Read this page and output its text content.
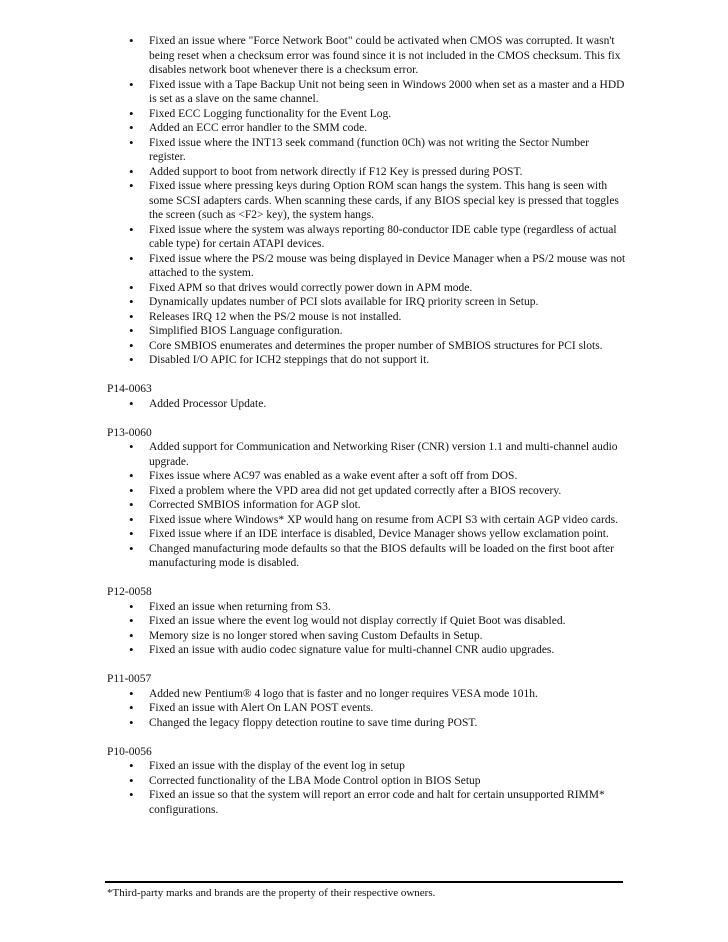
• Fixed an issue where "Force Network Boot" could be activated when CMOS was corrupted. It wasn't being reset when a checksum error was found since it is not included in the CMOS checksum. This fix disables network boot whenever there is a checksum error.
• Fixed issue with a Tape Backup Unit not being seen in Windows 2000 when set as a master and a HDD is set as a slave on the same channel.
• Fixed ECC Logging functionality for the Event Log.
• Added an ECC error handler to the SMM code.
• Fixed issue where the INT13 seek command (function 0Ch) was not writing the Sector Number register.
• Added support to boot from network directly if F12 Key is pressed during POST.
• Fixed issue where pressing keys during Option ROM scan hangs the system. This hang is seen with some SCSI adapters cards. When scanning these cards, if any BIOS special key is pressed that toggles the screen (such as <F2> key), the system hangs.
• Fixed issue where the system was always reporting 80-conductor IDE cable type (regardless of actual cable type) for certain ATAPI devices.
• Fixed issue where the PS/2 mouse was being displayed in Device Manager when a PS/2 mouse was not attached to the system.
• Fixed APM so that drives would correctly power down in APM mode.
• Dynamically updates number of PCI slots available for IRQ priority screen in Setup.
• Releases IRQ 12 when the PS/2 mouse is not installed.
• Simplified BIOS Language configuration.
• Core SMBIOS enumerates and determines the proper number of SMBIOS structures for PCI slots.
• Disabled I/O APIC for ICH2 steppings that do not support it.
P14-0063
• Added Processor Update.
P13-0060
• Added support for Communication and Networking Riser (CNR) version 1.1 and multi-channel audio upgrade.
• Fixes issue where AC97 was enabled as a wake event after a soft off from DOS.
• Fixed a problem where the VPD area did not get updated correctly after a BIOS recovery.
• Corrected SMBIOS information for AGP slot.
• Fixed issue where Windows* XP would hang on resume from ACPI S3 with certain AGP video cards.
• Fixed issue where if an IDE interface is disabled, Device Manager shows yellow exclamation point.
• Changed manufacturing mode defaults so that the BIOS defaults will be loaded on the first boot after manufacturing mode is disabled.
P12-0058
• Fixed an issue when returning from S3.
• Fixed an issue where the event log would not display correctly if Quiet Boot was disabled.
• Memory size is no longer stored when saving Custom Defaults in Setup.
• Fixed an issue with audio codec signature value for multi-channel CNR audio upgrades.
P11-0057
• Added new Pentium® 4 logo that is faster and no longer requires VESA mode 101h.
• Fixed an issue with Alert On LAN POST events.
• Changed the legacy floppy detection routine to save time during POST.
P10-0056
• Fixed an issue with the display of the event log in setup
• Corrected functionality of the LBA Mode Control option in BIOS Setup
• Fixed an issue so that the system will report an error code and halt for certain unsupported RIMM* configurations.
*Third-party marks and brands are the property of their respective owners.
